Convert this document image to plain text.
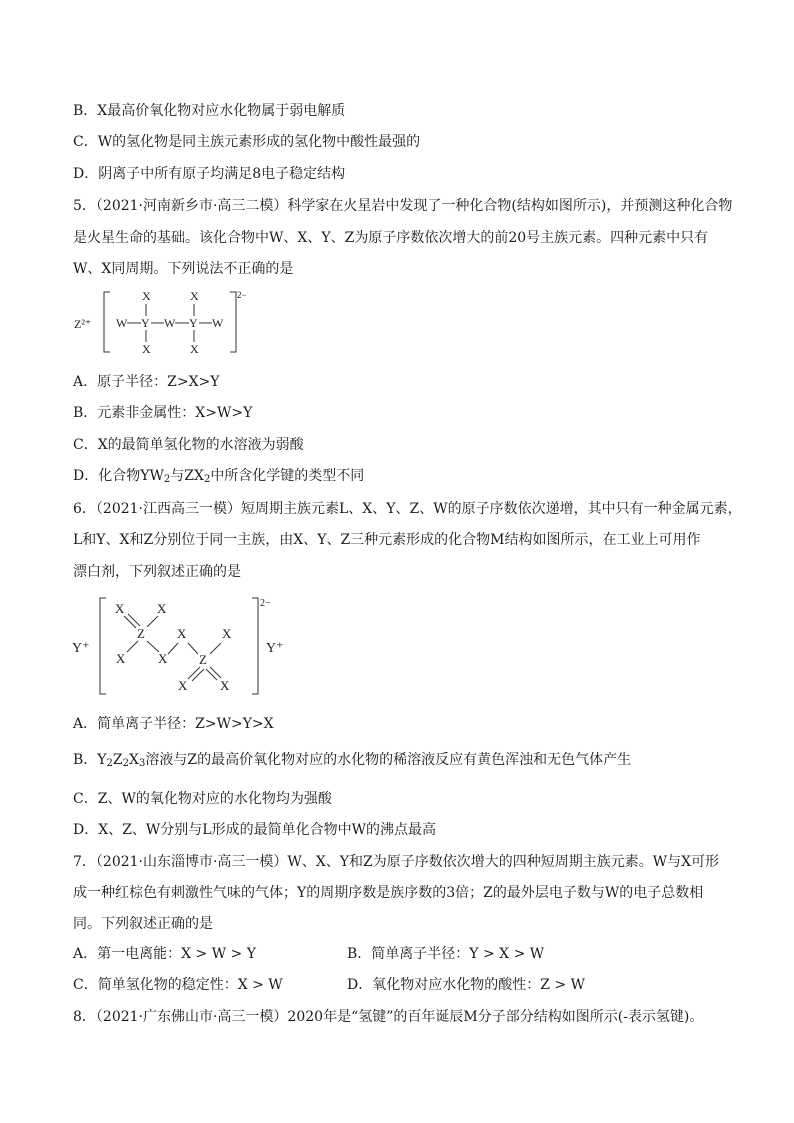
B．X最高价氧化物对应水化物属于弱电解质
C．W的氢化物是同主族元素形成的氢化物中酸性最强的
D．阴离子中所有原子均满足8电子稳定结构
5．（2021·河南新乡市·高三二模）科学家在火星岩中发现了一种化合物(结构如图所示)，并预测这种化合物
是火星生命的基础。该化合物中W、X、Y、Z为原子序数依次增大的前20号主族元素。四种元素中只有
W、X同周期。下列说法不正确的是
Z²⁺
2−
X	X
W Y W Y W
X	X
A．原子半径：Z>X>Y
B．元素非金属性：X>W>Y
C．X的最简单氢化物的水溶液为弱酸
D．化合物$YW_2$与$ZX_2$中所含化学键的类型不同
6．（2021·江西高三一模）短周期主族元素L、X、Y、Z、W的原子序数依次递增，其中只有一种金属元素，
L和Y、X和Z分别位于同一主族，由X、Y、Z三种元素形成的化合物M结构如图所示，在工业上可用作
漂白剂，下列叙述正确的是
Y⁺
2−
Y⁺
X	X
Z X	X
X	X Z
X	X
A．简单离子半径：Z>W>Y>X
B．$Y_2Z_2X_3$溶液与Z的最高价氧化物对应的水化物的稀溶液反应有黄色浑浊和无色气体产生
C．Z、W的氧化物对应的水化物均为强酸
D．X、Z、W分别与L形成的最简单化合物中W的沸点最高
7．（2021·山东淄博市·高三一模）W、X、Y和Z为原子序数依次增大的四种短周期主族元素。W与X可形
成一种红棕色有刺激性气味的气体；Y的周期序数是族序数的3倍；Z的最外层电子数与W的电子总数相
同。下列叙述正确的是
A．第一电离能：X > W > Y	B．简单离子半径：Y > X > W
C．简单氢化物的稳定性：X > W	D．氧化物对应水化物的酸性：Z > W
8．（2021·广东佛山市·高三一模）2020年是“氢键”的百年诞辰M分子部分结构如图所示(-表示氢键)。
